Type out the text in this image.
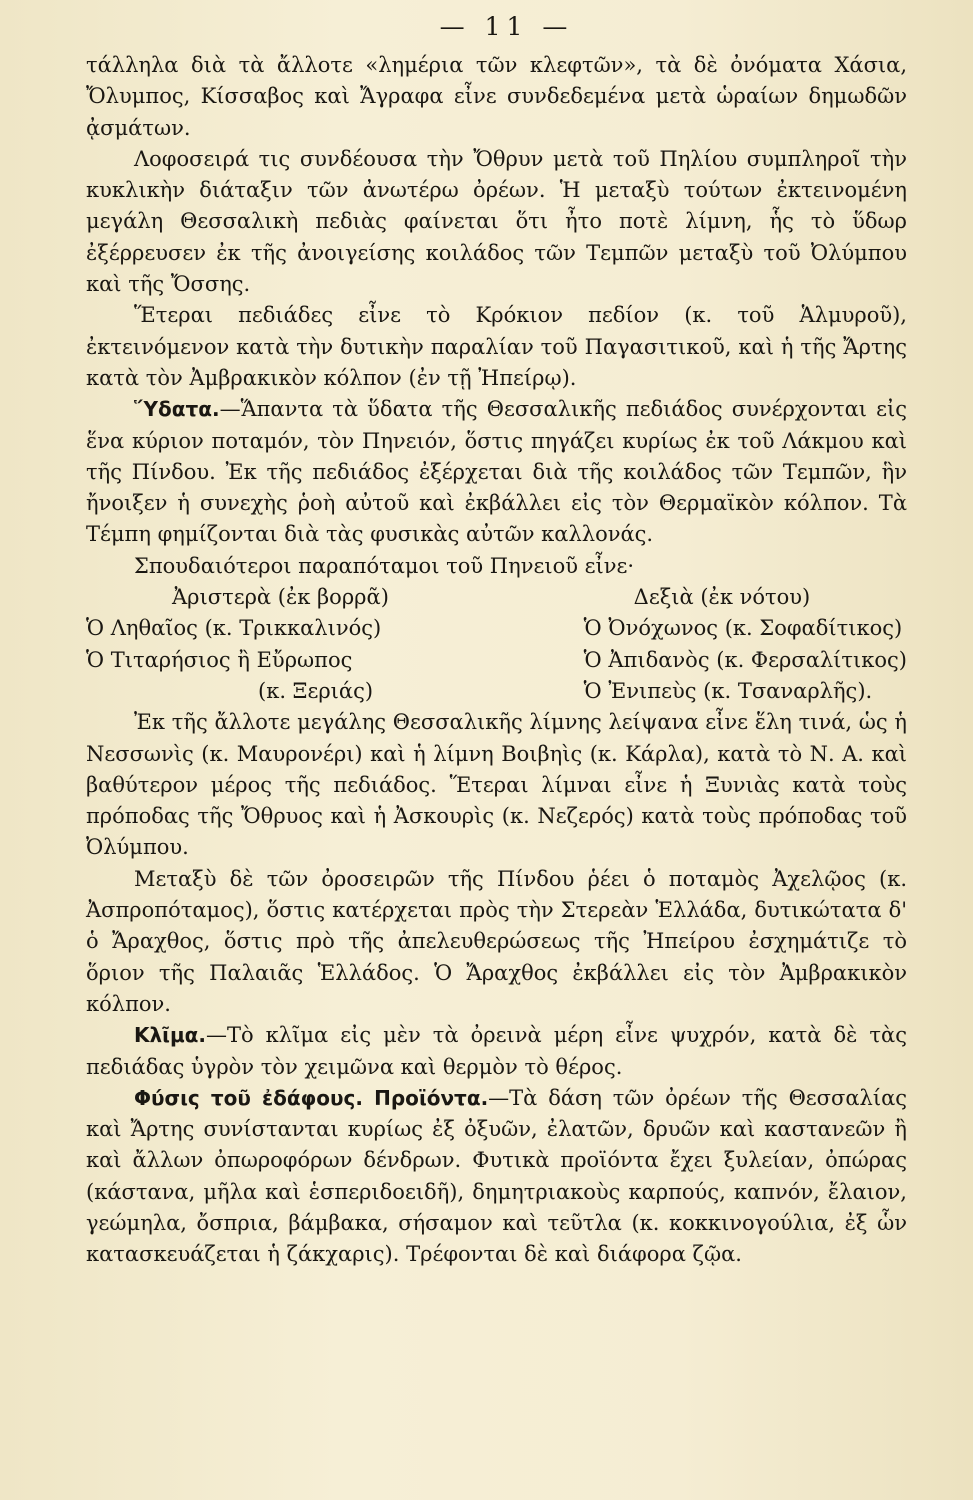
— 11 —

τάλληλα διὰ τὰ ἄλλοτε «λημέρια τῶν κλεφτῶν», τὰ δὲ ὀνόματα Χάσια, Ὄλυμπος, Κίσσαβος καὶ Ἄγραφα εἶνε συνδεδεμένα μετὰ ὡραίων δημωδῶν ᾀσμάτων.

Λοφοσειρά τις συνδέουσα τὴν Ὄθρυν μετὰ τοῦ Πηλίου συμπληροῖ τὴν κυκλικὴν διάταξιν τῶν ἀνωτέρω ὀρέων. Ἡ μεταξὺ τούτων ἐκτεινομένη μεγάλη Θεσσαλικὴ πεδιὰς φαίνεται ὅτι ἦτο ποτὲ λίμνη, ἧς τὸ ὕδωρ ἐξέρρευσεν ἐκ τῆς ἀνοιγείσης κοιλάδος τῶν Τεμπῶν μεταξὺ τοῦ Ὀλύμπου καὶ τῆς Ὄσσης.

Ἕτεραι πεδιάδες εἶνε τὸ Κρόκιον πεδίον (κ. τοῦ Ἁλμυροῦ), ἐκτεινόμενον κατὰ τὴν δυτικὴν παραλίαν τοῦ Παγασιτικοῦ, καὶ ἡ τῆς Ἄρτης κατὰ τὸν Ἀμβρακικὸν κόλπον (ἐν τῇ Ἠπείρῳ).

Ὕδατα.—Ἅπαντα τὰ ὕδατα τῆς Θεσσαλικῆς πεδιάδος συνέρχονται εἰς ἕνα κύριον ποταμόν, τὸν Πηνειόν, ὅστις πηγάζει κυρίως ἐκ τοῦ Λάκμου καὶ τῆς Πίνδου. Ἐκ τῆς πεδιάδος ἐξέρχεται διὰ τῆς κοιλάδος τῶν Τεμπῶν, ἣν ἤνοιξεν ἡ συνεχὴς ῥοὴ αὐτοῦ καὶ ἐκβάλλει εἰς τὸν Θερμαϊκὸν κόλπον. Τὰ Τέμπη φημίζονται διὰ τὰς φυσικὰς αὐτῶν καλλονάς.

Σπουδαιότεροι παραπόταμοι τοῦ Πηνειοῦ εἶνε·

Ἀριστερὰ (ἐκ βορρᾶ)	Δεξιὰ (ἐκ νότου)
Ὁ Ληθαῖος (κ. Τρικκαλινός)	Ὁ Ὀνόχωνος (κ. Σοφαδίτικος)
Ὁ Τιταρήσιος ἢ Εὔρωπος	Ὁ Ἀπιδανὸς (κ. Φερσαλίτικος)
(κ. Ξεριάς)	Ὁ Ἐνιπεὺς (κ. Τσαναρλῆς).

Ἐκ τῆς ἄλλοτε μεγάλης Θεσσαλικῆς λίμνης λείψανα εἶνε ἕλη τινά, ὡς ἡ Νεσσωνὶς (κ. Μαυρονέρι) καὶ ἡ λίμνη Βοιβηὶς (κ. Κάρλα), κατὰ τὸ Ν. Α. καὶ βαθύτερον μέρος τῆς πεδιάδος. Ἕτεραι λίμναι εἶνε ἡ Ξυνιὰς κατὰ τοὺς πρόποδας τῆς Ὄθρυος καὶ ἡ Ἀσκουρὶς (κ. Νεζερός) κατὰ τοὺς πρόποδας τοῦ Ὀλύμπου.

Μεταξὺ δὲ τῶν ὀροσειρῶν τῆς Πίνδου ῥέει ὁ ποταμὸς Ἀχελῷος (κ. Ἀσπροπόταμος), ὅστις κατέρχεται πρὸς τὴν Στερεὰν Ἑλλάδα, δυτικώτατα δ' ὁ Ἄραχθος, ὅστις πρὸ τῆς ἀπελευθερώσεως τῆς Ἠπείρου ἐσχημάτιζε τὸ ὅριον τῆς Παλαιᾶς Ἑλλάδος. Ὁ Ἄραχθος ἐκβάλλει εἰς τὸν Ἀμβρακικὸν κόλπον.

Κλῖμα.—Τὸ κλῖμα εἰς μὲν τὰ ὀρεινὰ μέρη εἶνε ψυχρόν, κατὰ δὲ τὰς πεδιάδας ὑγρὸν τὸν χειμῶνα καὶ θερμὸν τὸ θέρος.

Φύσις τοῦ ἐδάφους. Προϊόντα.—Τὰ δάση τῶν ὀρέων τῆς Θεσσαλίας καὶ Ἄρτης συνίστανται κυρίως ἐξ ὀξυῶν, ἐλατῶν, δρυῶν καὶ καστανεῶν ἢ καὶ ἄλλων ὀπωροφόρων δένδρων. Φυτικὰ προϊόντα ἔχει ξυλείαν, ὀπώρας (κάστανα, μῆλα καὶ ἑσπεριδοειδῆ), δημητριακοὺς καρπούς, καπνόν, ἔλαιον, γεώμηλα, ὄσπρια, βάμβακα, σήσαμον καὶ τεῦτλα (κ. κοκκινογούλια, ἐξ ὧν κατασκευάζεται ἡ ζάκχαρις). Τρέφονται δὲ καὶ διάφορα ζῷα.
